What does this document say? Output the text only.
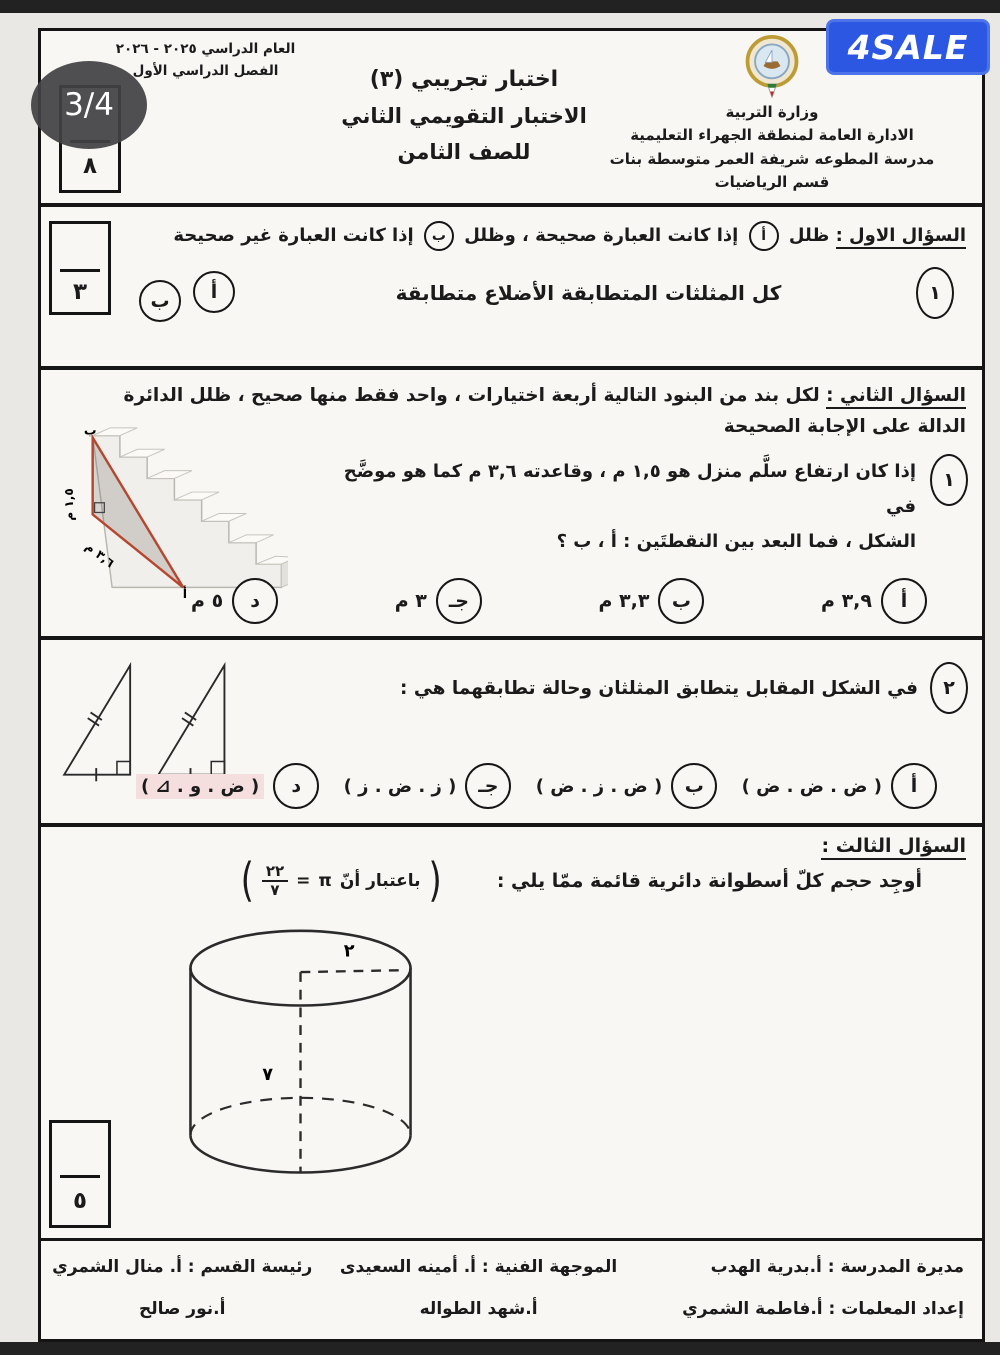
4SALE
وزارة التربية
الادارة العامة لمنطقة الجهراء التعليمية
مدرسة المطوعه شريفة العمر متوسطة بنات
قسم الرياضيات
اختبار تجريبي (٣)
الاختبار التقويمي الثاني
للصف الثامن
العام الدراسي ٢٠٢٥ - ٢٠٢٦
الفصل الدراسي الأول
3/4
٨
السؤال الاول : ظلل أ إذا كانت العبارة صحيحة ، وظلل ب إذا كانت العبارة غير صحيحة
١
كل المثلثات المتطابقة الأضلاع متطابقة
أ
ب
٣
السؤال الثاني : لكل بند من البنود التالية أربعة اختيارات ، واحد فقط منها صحيح ، ظلل الدائرة
الدالة على الإجابة الصحيحة
ب
١,٥ م
٣,٦ م
أ
١
إذا كان ارتفاع سلَّم منزل هو ١,٥ م ، وقاعدته ٣,٦ م كما هو موضَّح في
الشكل ، فما البعد بين النقطتَين : أ ، ب ؟
أ
٣,٩ م
ب
٣,٣ م
جـ
٣ م
د
٥ م
٢
في الشكل المقابل يتطابق المثلثان وحالة تطابقهما هي :
أ
( ض . ض . ض )
ب
( ض . ز . ض )
جـ
( ز . ض . ز )
د
( ض . و . ⊿ )
السؤال الثالث :
أوجِد حجم كلّ أسطوانة دائرية قائمة ممّا يلي :
)
باعتبار أنّ
π
=
$\frac{٢٢}{٧}$
(
٢
٧
٥
مديرة المدرسة : أ.بدرية الهدب
الموجهة الفنية : أ. أمينه السعيدى
رئيسة القسم : أ. منال الشمري
إعداد المعلمات : أ.فاطمة الشمري
أ.شهد الطواله
أ.نور صالح
